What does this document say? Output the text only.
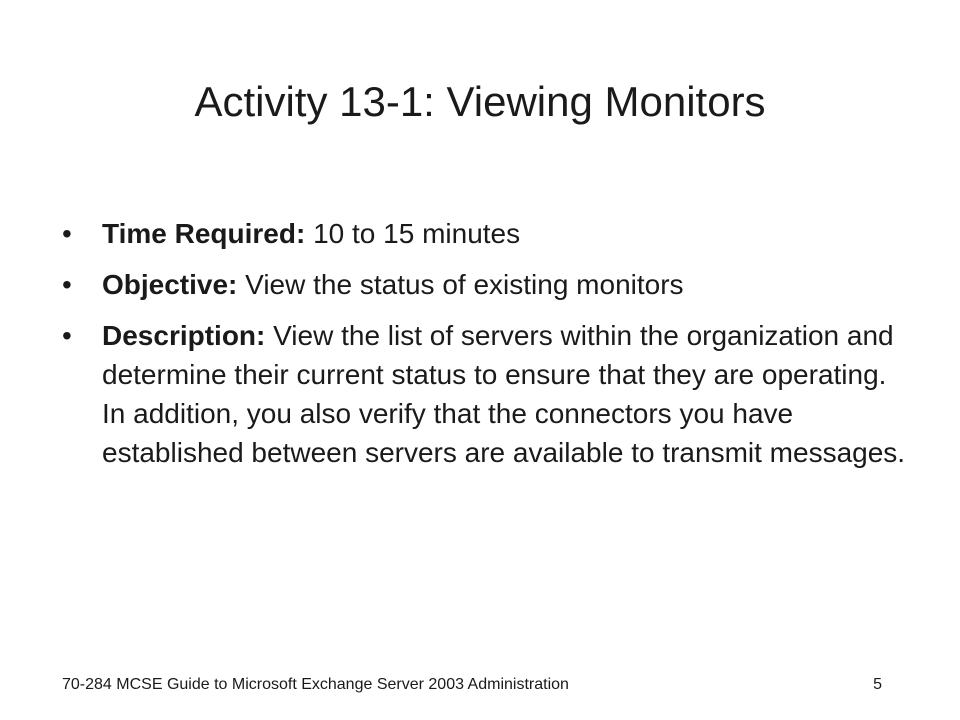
Activity 13-1: Viewing Monitors
• Time Required: 10 to 15 minutes
• Objective: View the status of existing monitors
• Description: View the list of servers within the organization and determine their current status to ensure that they are operating. In addition, you also verify that the connectors you have established between servers are available to transmit messages.
70-284 MCSE Guide to Microsoft Exchange Server 2003 Administration	5
